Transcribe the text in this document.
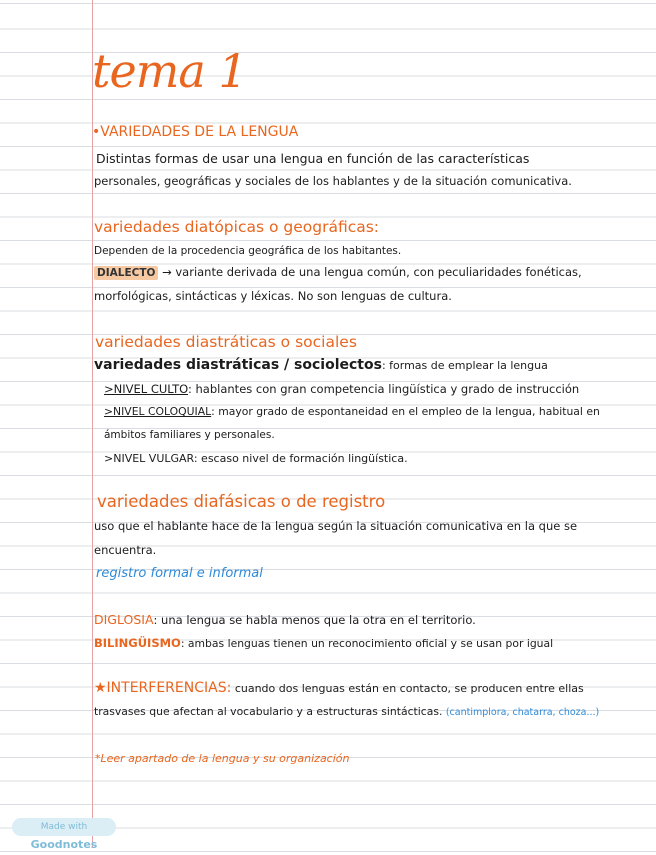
tema 1
•VARIEDADES DE LA LENGUA
Distintas formas de usar una lengua en función de las características
personales, geográficas y sociales de los hablantes y de la situación comunicativa.
variedades diatópicas o geográficas:
Dependen de la procedencia geográfica de los habitantes.
DIALECTO → variante derivada de una lengua común, con peculiaridades fonéticas,
morfológicas, sintácticas y léxicas. No son lenguas de cultura.
variedades diastráticas o sociales
variedades diastráticas / sociolectos: formas de emplear la lengua
>NIVEL CULTO: hablantes con gran competencia lingüística y grado de instrucción
>NIVEL COLOQUIAL: mayor grado de espontaneidad en el empleo de la lengua, habitual en
ámbitos familiares y personales.
>NIVEL VULGAR: escaso nivel de formación lingüística.
variedades diafásicas o de registro
uso que el hablante hace de la lengua según la situación comunicativa en la que se
encuentra.
registro formal e informal
DIGLOSIA: una lengua se habla menos que la otra en el territorio.
BILINGÜISMO: ambas lenguas tienen un reconocimiento oficial y se usan por igual
★INTERFERENCIAS: cuando dos lenguas están en contacto, se producen entre ellas
trasvases que afectan al vocabulario y a estructuras sintácticas. (cantimplora, chatarra, choza...)
*Leer apartado de la lengua y su organización
Made with Goodnotes
